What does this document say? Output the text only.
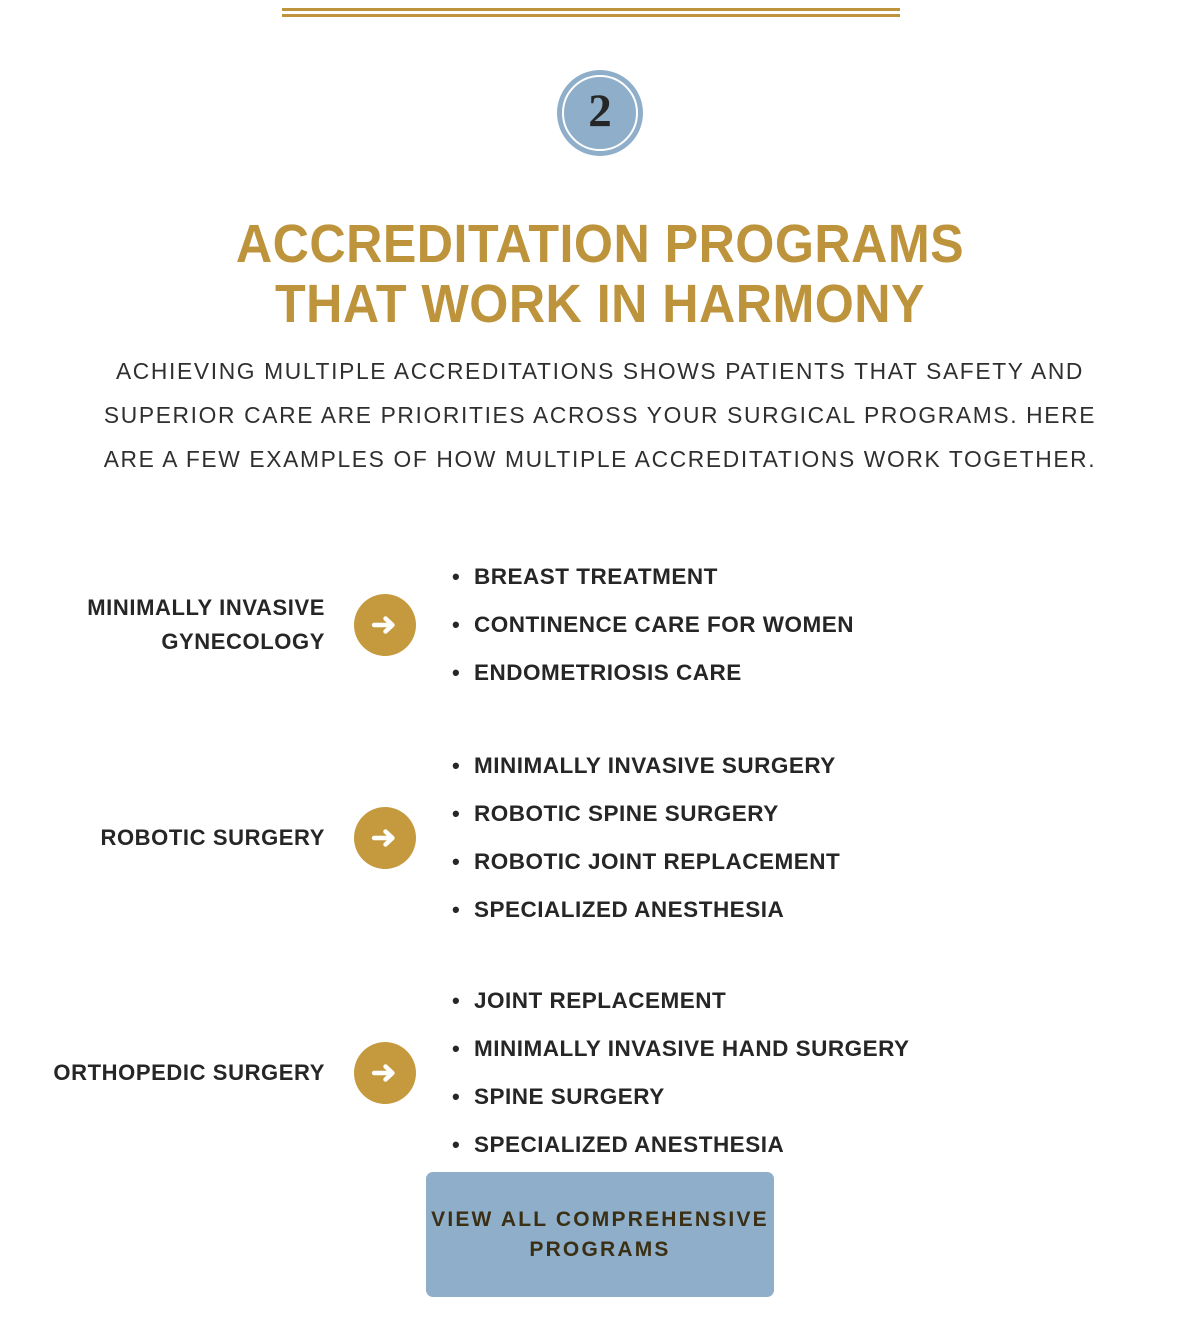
2
ACCREDITATION PROGRAMS
THAT WORK IN HARMONY

ACHIEVING MULTIPLE ACCREDITATIONS SHOWS PATIENTS THAT SAFETY AND SUPERIOR CARE ARE PRIORITIES ACROSS YOUR SURGICAL PROGRAMS. HERE ARE A FEW EXAMPLES OF HOW MULTIPLE ACCREDITATIONS WORK TOGETHER.

MINIMALLY INVASIVE GYNECOLOGY
• BREAST TREATMENT
• CONTINENCE CARE FOR WOMEN
• ENDOMETRIOSIS CARE
ROBOTIC SURGERY
• MINIMALLY INVASIVE SURGERY
• ROBOTIC SPINE SURGERY
• ROBOTIC JOINT REPLACEMENT
• SPECIALIZED ANESTHESIA
ORTHOPEDIC SURGERY
• JOINT REPLACEMENT
• MINIMALLY INVASIVE HAND SURGERY
• SPINE SURGERY
• SPECIALIZED ANESTHESIA
VIEW ALL COMPREHENSIVE PROGRAMS
